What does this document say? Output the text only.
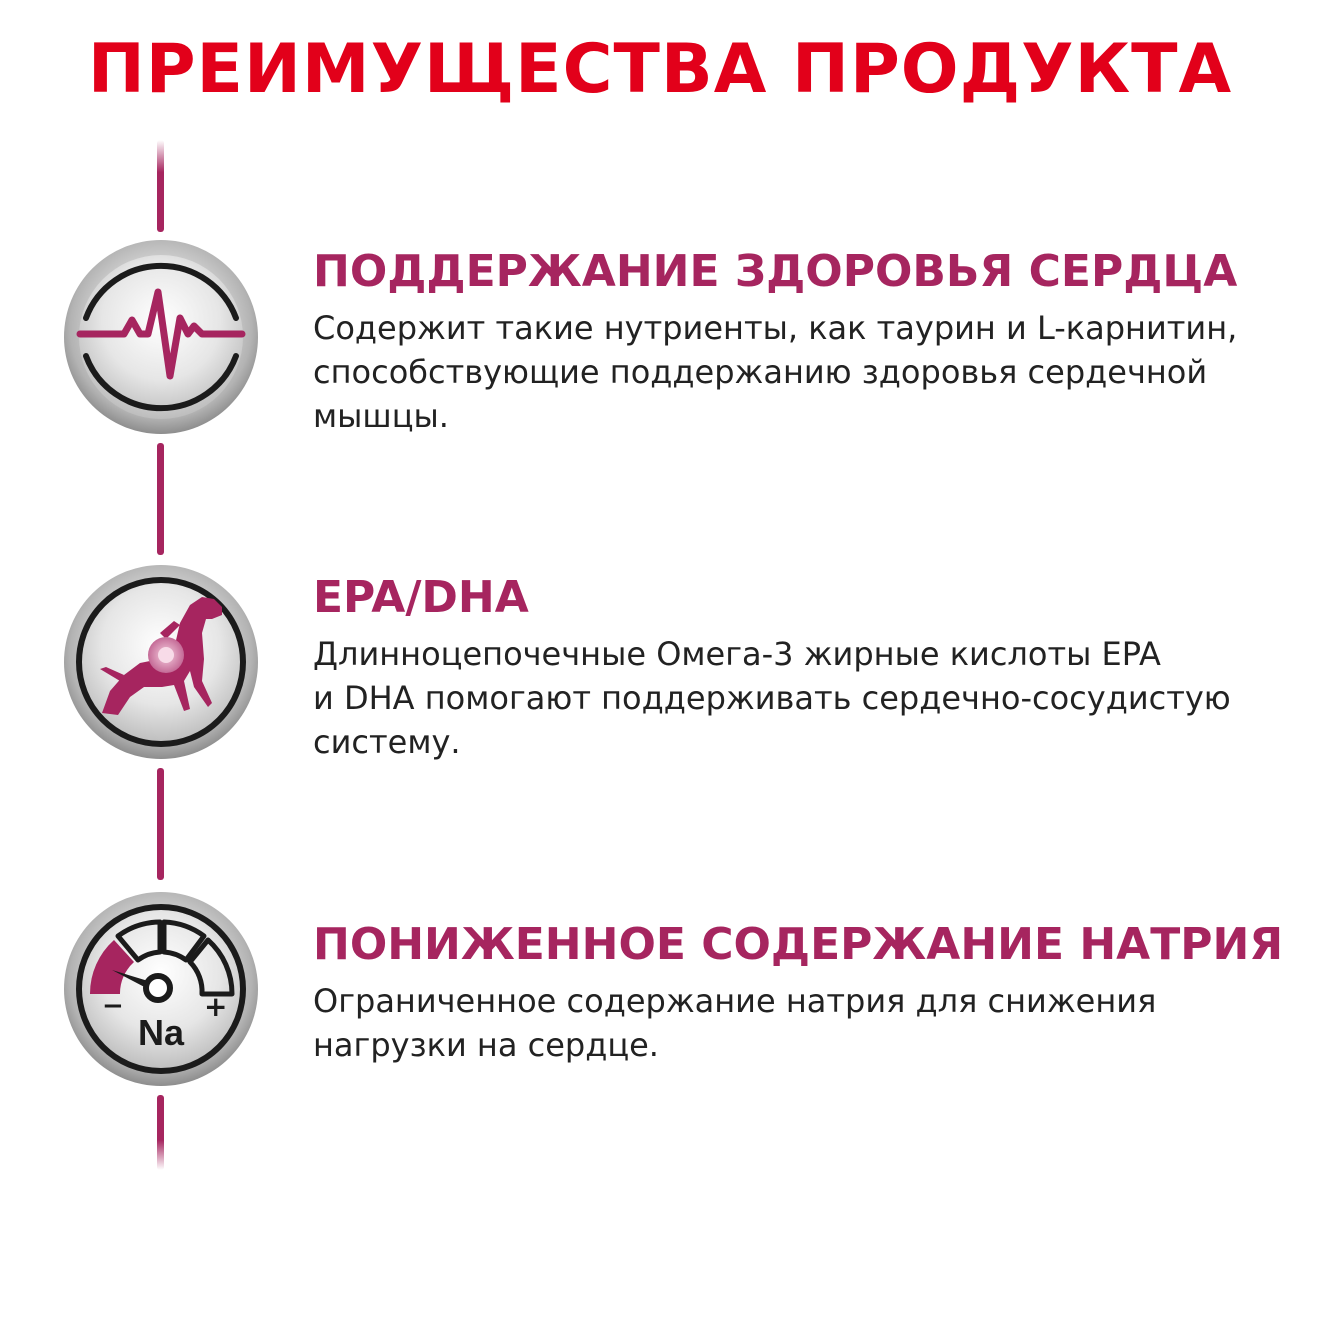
ПРЕИМУЩЕСТВА ПРОДУКТА
ПОДДЕРЖАНИЕ ЗДОРОВЬЯ СЕРДЦА

Содержит такие нутриенты, как таурин и L-карнитин,
способствующие поддержанию здоровья сердечной
мышцы.

EPA/DHA

Длинноцепочечные Омега-3 жирные кислоты EPA
и DHA помогают поддерживать сердечно-сосудистую
систему.

−	+
Na
ПОНИЖЕННОЕ СОДЕРЖАНИЕ НАТРИЯ

Ограниченное содержание натрия для снижения
нагрузки на сердце.
